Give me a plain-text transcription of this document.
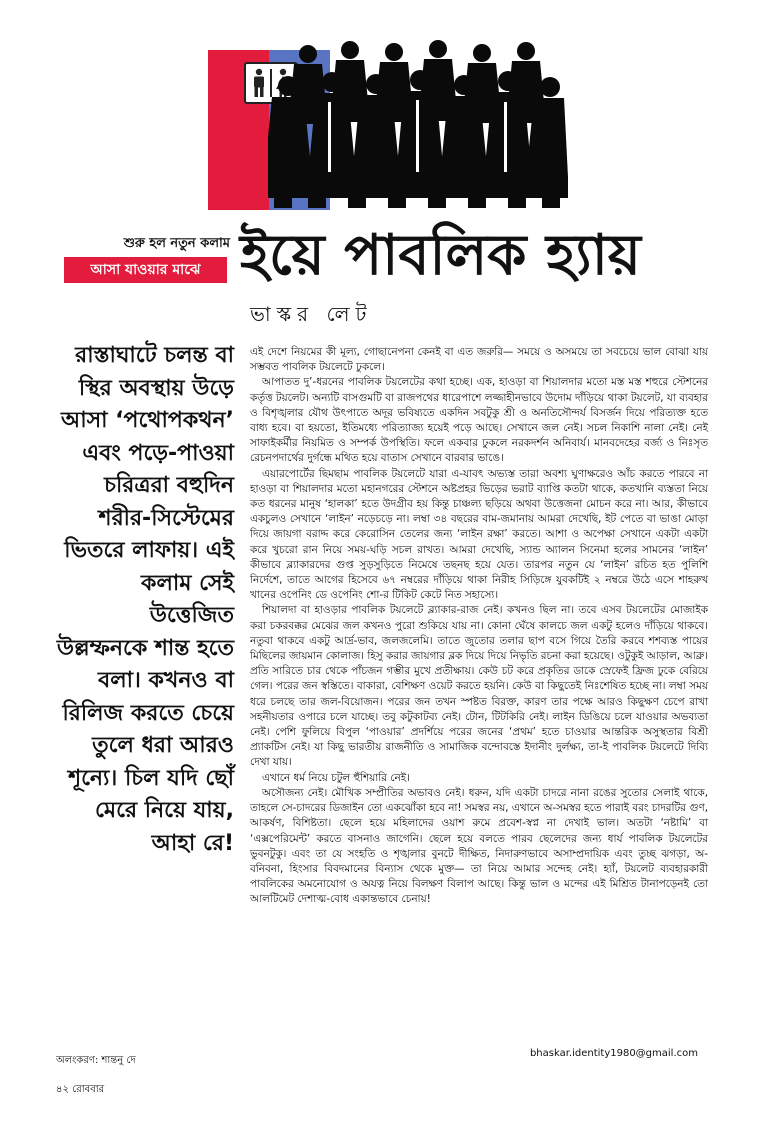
শুরু হল নতুন কলাম
আসা যাওয়ার মাঝে ইয়ে পাবলিক হ্যায়
ভাস্কর লেট
রাস্তাঘাটে চলন্ত বা স্থির অবস্থায় উড়ে আসা ‘পথোপকথন’ এবং পড়ে-পাওয়া চরিত্ররা বহুদিন শরীর-সিস্টেমের ভিতরে লাফায়। এই কলাম সেই উত্তেজিত উল্লম্ফনকে শান্ত হতে বলা। কখনও বা রিলিজ করতে চেয়ে তুলে ধরা আরও শূন্যে। চিল যদি ছোঁ মেরে নিয়ে যায়, আহা রে!

এই দেশে নিয়মের কী মূল্য, গোছানেপনা কেনই বা এত জরুরি— সময়ে ও অসময়ে তা সবচেয়ে ভাল বোঝা যায় সম্ভবত পাবলিক টয়লেটে ঢুকলে।

আপাতত দু’-ধরনের পাবলিক টয়লেটের কথা হচ্ছে। এক, হাওড়া বা শিয়ালদার মতো মস্ত মস্ত শহুরে স্টেশনের কর্তৃত্ত টয়লেট। অন্যটি বাসগুমটি বা রাজপথের ধারেপাশে লজ্জাহীনভাবে উদোম দাঁড়িয়ে থাকা টয়লেট, যা ব্যবহার ও বিশৃঙ্খলার যৌথ উৎপাতে অদূর ভবিষ্যতে একদিন সবটুকু শ্রী ও অনতিসৌন্দর্য বিসর্জন দিয়ে পরিত্যক্ত হতে বাধ্য হবে। বা হয়তো, ইতিমধ্যে পরিত্যাজ্য হয়েই পড়ে আছে। সেখানে জল নেই। সচল নিকাশি নালা নেই। নেই সাফাইকর্মীর নিয়মিত ও সম্পর্ক উপস্থিতি। ফলে একবার ঢুকলে নরকদর্শন অনিবার্য। মানবদেহের বর্জ্য ও নিঃসৃত রেচনপদার্থের দুর্গন্ধে মথিত হয়ে বাতাস সেখানে বারবার ভাঙে।

এয়ারপোর্টের ছিমছাম পাবলিক টয়লেটে যারা এ-যাবৎ অভ্যস্ত তারা অবশ্য ঘুণাক্ষরেও আঁচ করতে পারবে না হাওড়া বা শিয়ালদার মতো মহানগরের স্টেশনে অষ্টপ্রহর ভিড়ের ভরাট ব্যাপ্তি কতটা থাকে, কতখানি ব্যস্ততা নিয়ে কত ধরনের মানুষ ‘হালকা’ হতে উদগ্রীব হয় কিন্তু চাঞ্চল্য ছড়িয়ে অথবা উত্তেজনা মোচন করে না। আর, কীভাবে একচুলও সেখানে ‘লাইন’ নড়েচড়ে না। লম্বা ৩৪ বছরের বাম-জমানায় আমরা দেখেছি, ইট পেতে বা ভাঙা মোড়া দিয়ে জায়গা বরাদ্দ করে কেরোসিন তেলের জন্য ‘লাইন রক্ষা’ করতে। আশা ও অপেক্ষা সেখানে একটা একটা করে খুচরো রান নিয়ে সময়-ঘড়ি সচল রাখত। আমরা দেখেছি, স্যান্ড অ্যালন সিনেমা হলের সামনের ‘লাইন’ কীভাবে ব্ল্যাকারদের গুপ্ত সুড়সুড়িতে নিমেষে তছনছ হয়ে যেত। তারপর নতুন যে ‘লাইন’ রচিত হত পুলিশি নির্দেশে, তাতে আগের হিসেবে ৬৭ নম্বরের দাঁড়িয়ে থাকা নিরীহ সিড়িঙ্গে যুবকটিই ২ নম্বরে উঠে এসে শাহরুখ খানের ওপেনিং ডে ওপেনিং শো-র টিকিট কেটে নিত সহাস্যে।

শিয়ালদা বা হাওড়ার পাবলিক টয়লেটে ব্ল্যাকার-রাজ নেই। কখনও ছিল না। তবে এসব টয়লেটের মোজাইক করা চকরবক্কর মেঝের জল কখনও পুরো শুকিয়ে যায় না। কোনা ঘেঁষে কালচে জল একটু হলেও দাঁড়িয়ে থাকবে। নতুবা থাকবে একটু আর্দ্র-ভাব, জলজলেমি। তাতে জুতোর তলার ছাপ বসে গিয়ে তৈরি করবে শশব্যস্ত পায়ের মিছিলের জায়মান কোলাজ। হিসু করার জায়গার ব্লক দিয়ে দিয়ে নিভৃতি রচনা করা হয়েছে। ওটুকুই আড়াল, আব্রু। প্রতি সারিতে চার থেকে পাঁচজন গম্ভীর মুখে প্রতীক্ষায়। কেউ চট করে প্রকৃতির ডাকে স্রেফেই ফ্রিজ ঢুকে বেরিয়ে গেল। পরের জন স্বস্তিতে। বাকারা, বেশিক্ষণ ওয়েট করতে হয়নি। কেউ বা কিছুতেই নিঃশেষিত হচ্ছে না। লম্বা সময় ধরে চলছে তার জল-বিয়োজন। পরের জন তখন স্পষ্টত বিরক্ত, কারণ তার পক্ষে আরও কিছুক্ষণ চেপে রাখা সহনীয়তার ওপারে চলে যাচ্ছে। তবু কটুকাটব্য নেই। টোন, টিটকিরি নেই। লাইন ডিঙিয়ে চলে যাওয়ার অভব্যতা নেই। পেশি ফুলিয়ে বিপুল ‘পাওয়ার’ প্রদর্শিয়ে পরের জনের ‘প্রথম’ হতে চাওয়ার আন্তরিক অসুস্থতার বিশ্রী প্র্যাকটিস নেই। যা কিছু ভারতীয় রাজনীতি ও সামাজিক বন্দোবস্তে ইদানীং দুর্লক্ষ্য, তা-ই পাবলিক টয়লেটে দিব্যি দেখা যায়।

এখানে ধর্ম নিয়ে চটুল হুঁশিয়ারি নেই।

অসৌজন্য নেই। মৌখিক সম্প্রীতির অভাবও নেই। ধরুন, যদি একটা চাদরে নানা রঙের সুতোর সেলাই থাকে, তাহলে সে-চাদরের ডিজাইন তো একঝোঁকা হবে না! সমস্বর নয়, এখানে অ-সমস্বর হতে পারাই বরং চাদরটির গুণ, আকর্ষণ, বিশিষ্টতা। ছেলে হয়ে মহিলাদের ওয়াশ রুমে প্রবেশ-স্বপ্ন না দেখাই ভাল। অতটা ‘নষ্টামি’ বা ‘এক্সপেরিমেন্ট’ করতে বাসনাও জাগেনি। ছেলে হয়ে বলতে পারব ছেলেদের জন্য ধার্য পাবলিক টয়লেটের ভুবনটুকু। এবং তা যে সংহতি ও শৃঙ্খলার বুনটে দীক্ষিত, নিদারুণভাবে অসাম্প্রদায়িক এবং তুচ্ছ ঝগড়া, অ-বনিবনা, হিংসার বিবদমানের বিন্যাস থেকে মুক্ত— তা নিয়ে আমার সন্দেহ নেই। হ্যাঁ, টয়লেট ব্যবহারকারী পাবলিকের অমনোযোগ ও অযত্ন নিয়ে বিলক্ষণ বিলাপ আছে। কিন্তু ভাল ও মন্দের এই মিশ্রিত টানাপড়েনই তো আলটিমেট দেশাত্ম-বোধ একান্তভাবে চেনায়!

bhaskar.identity1980@gmail.com
অলংকরণ: শান্তনু দে
৪২ রোববার
